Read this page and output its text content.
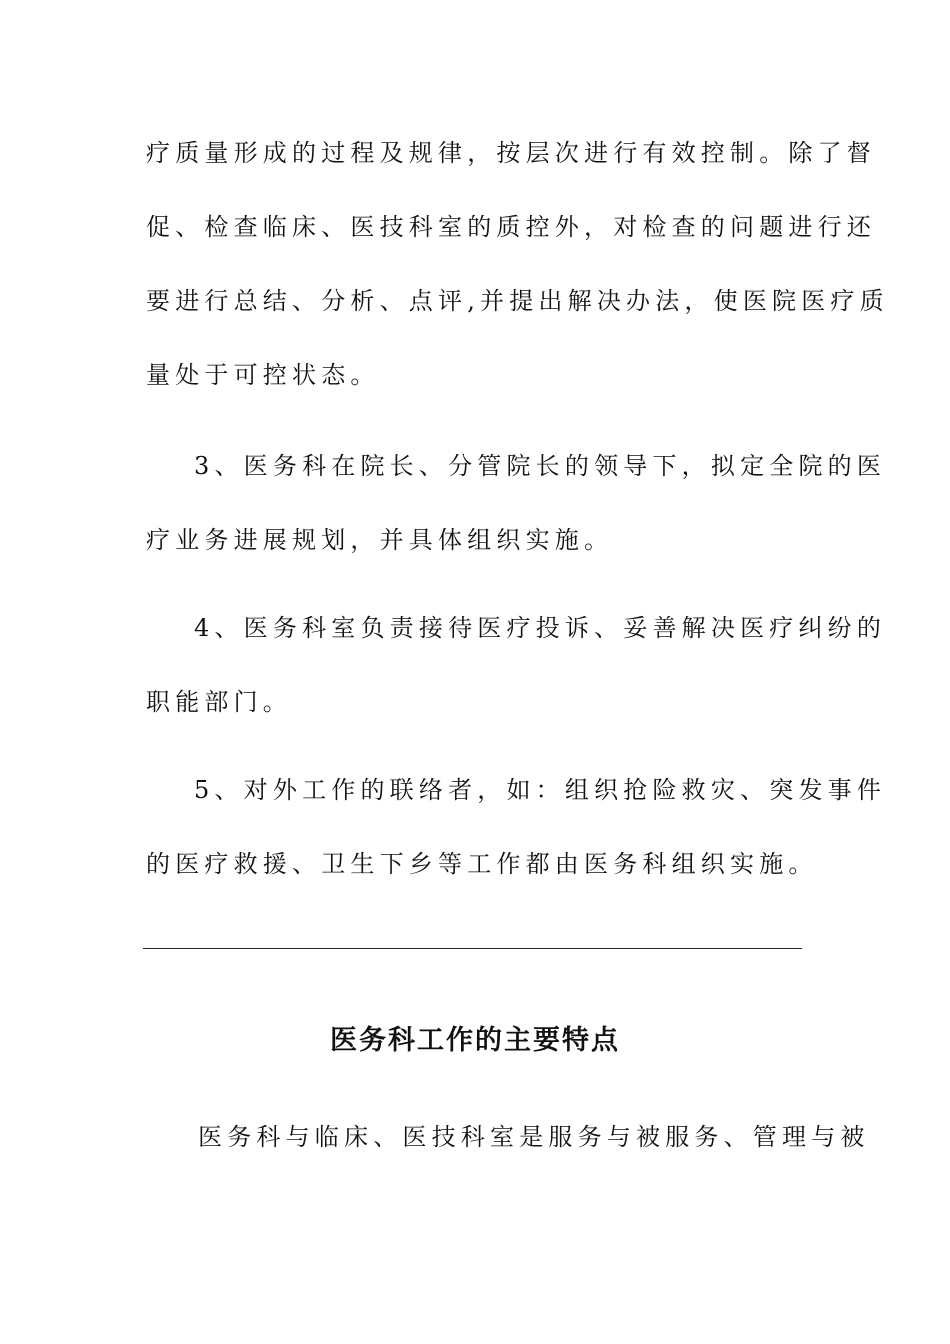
疗质量形成的过程及规律，按层次进行有效控制。除了督
促、检查临床、医技科室的质控外，对检查的问题进行还
要进行总结、分析、点评,并提出解决办法，使医院医疗质
量处于可控状态。
3、医务科在院长、分管院长的领导下，拟定全院的医
疗业务进展规划，并具体组织实施。
4、医务科室负责接待医疗投诉、妥善解决医疗纠纷的
职能部门。
5、对外工作的联络者，如：组织抢险救灾、突发事件
的医疗救援、卫生下乡等工作都由医务科组织实施。
医务科工作的主要特点
医务科与临床、医技科室是服务与被服务、管理与被
